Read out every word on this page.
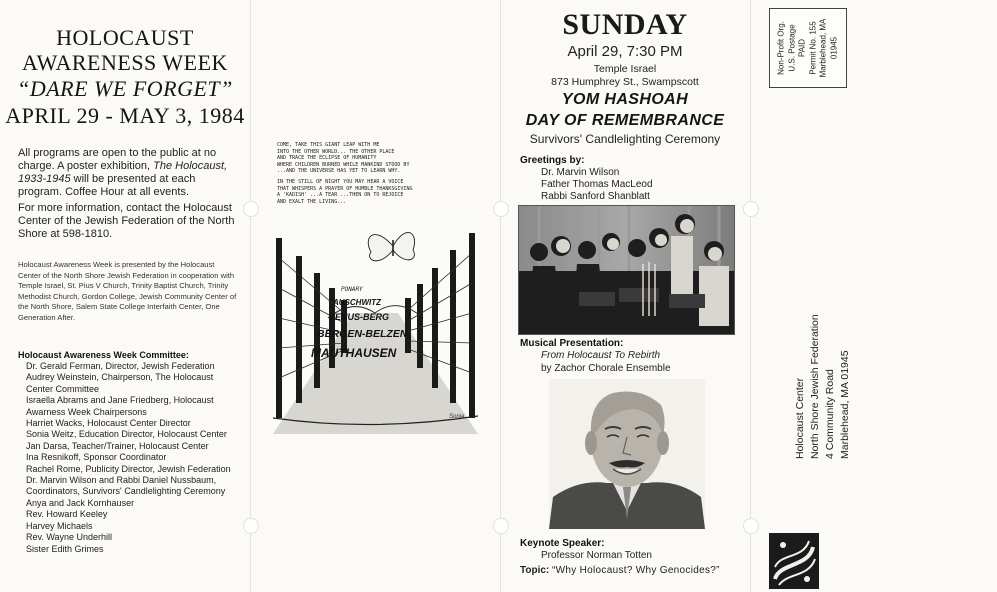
HOLOCAUST
AWARENESS WEEK
“DARE WE FORGET”
APRIL 29 - MAY 3, 1984

All programs are open to the public at no charge. A poster exhibition, The Holocaust, 1933-1945 will be presented at each program. Coffee Hour at all events.

For more information, contact the Holocaust Center of the Jewish Federation of the North Shore at 598-1810.

Holocaust Awareness Week is presented by the Holocaust Center of the North Shore Jewish Federation in cooperation with Temple Israel, St. Pius V Church, Trinity Baptist Church, Trinity Methodist Church, Gordon College, Jewish Community Center of the North Shore, Salem State College Interfaith Center, One Generation After.

Holocaust Awareness Week Committee:
Dr. Gerald Ferman, Director, Jewish Federation
Audrey Weinstein, Chairperson, The Holocaust Center Committee
Israella Abrams and Jane Friedberg, Holocaust Awarness Week Chairpersons
Harriet Wacks, Holocaust Center Director
Sonia Weitz, Education Director, Holocaust Center
Jan Darsa, Teacher/Trainer, Holocaust Center
Ina Resnikoff, Sponsor Coordinator
Rachel Rome, Publicity Director, Jewish Federation
Dr. Marvin Wilson and Rabbi Daniel Nussbaum, Coordinators, Survivors' Candlelighting Ceremony
Anya and Jack Kornhauser
Rev. Howard Keeley
Harvey Michaels
Rev. Wayne Underhill
Sister Edith Grimes
COME, TAKE THIS GIANT LEAP WITH ME
INTO THE OTHER WORLD... THE OTHER PLACE
AND TRACE THE ECLIPSE OF HUMANITY
WHERE CHILDREN BURNED WHILE MANKIND STOOD BY
...AND THE UNIVERSE HAS YET TO LEARN WHY.
IN THE STILL OF NIGHT YOU MAY HEAR A VOICE
THAT WHISPERS A PRAYER OF HUMBLE THANKSGIVING
A 'KADISH' ...A TEAR ...THEN ON TO REJOICE
AND EXALT THE LIVING...
PONARY
AUSCHWITZ
VENUS-BERG
BERGEN-BELZEN
MAUTHAUSEN
Sonia
SUNDAY
April 29, 7:30 PM
Temple Israel
873 Humphrey St., Swampscott
YOM HASHOAH
DAY OF REMEMBRANCE
Survivors' Candlelighting Ceremony
Greetings by:
Dr. Marvin Wilson
Father Thomas MacLeod
Rabbi Sanford Shanblatt
Musical Presentation:
From Holocaust To Rebirth
by Zachor Chorale Ensemble
Keynote Speaker:
Professor Norman Totten
Topic: “Why Holocaust? Why Genocides?”
Non-Profit Org. U.S. Postage PAID Permit No. 155 Marblehead, MA 01945
Holocaust Center North Shore Jewish Federation 4 Community Road Marblehead, MA 01945
